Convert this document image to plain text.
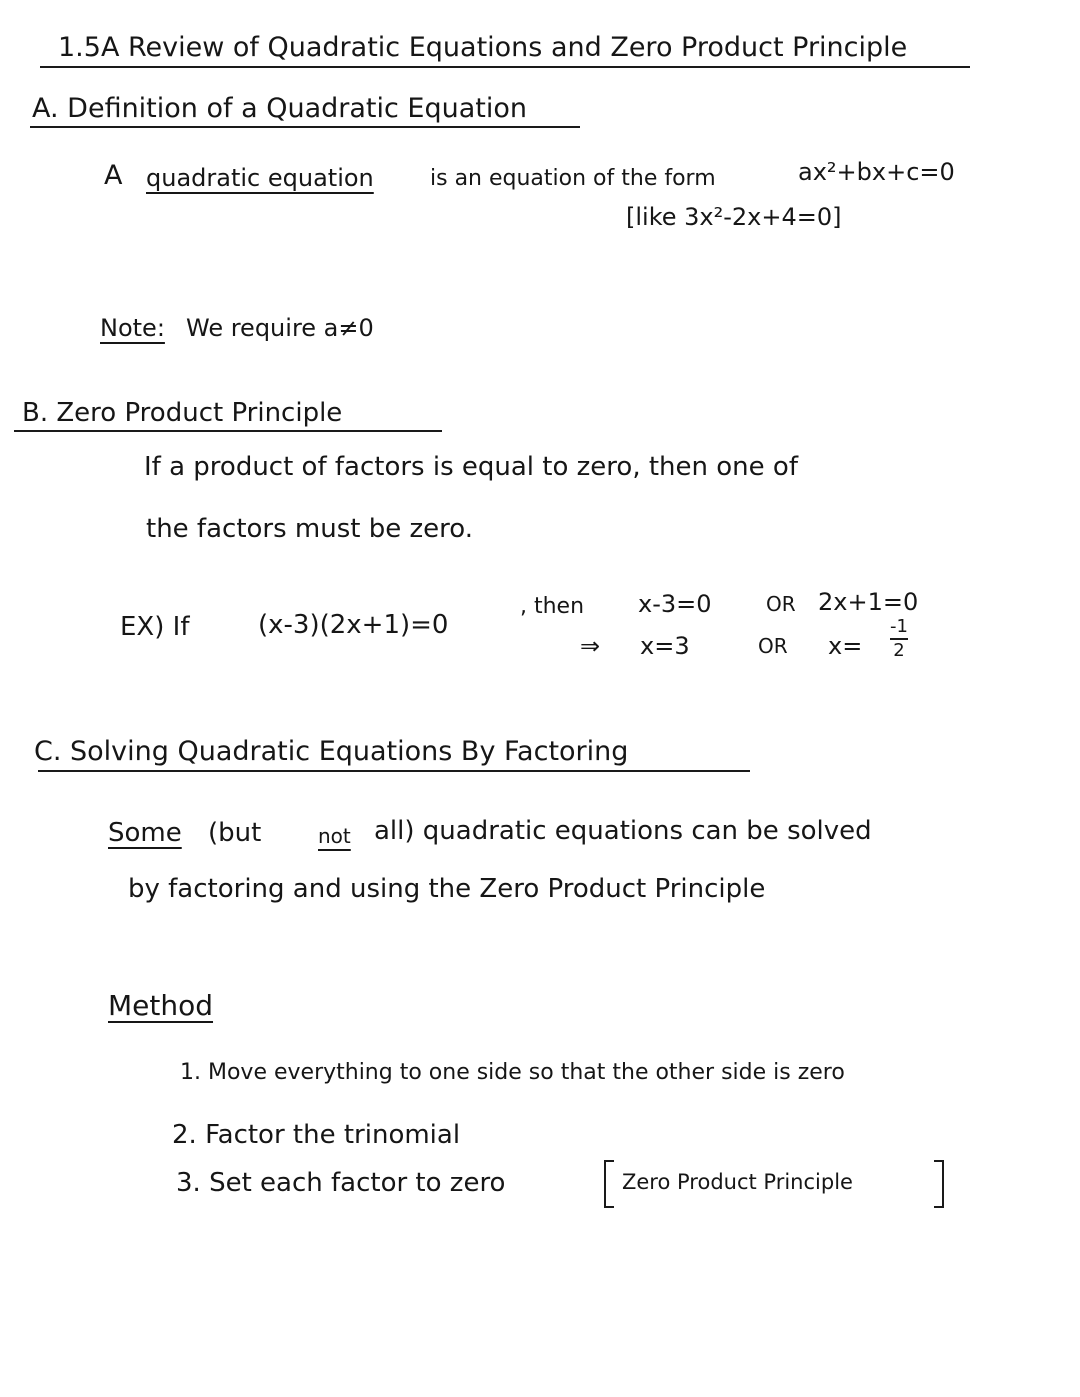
1.5A Review of Quadratic Equations and Zero Product Principle
A. Definition of a Quadratic Equation
A quadratic equation	is an equation of the form	ax²+bx+c=0
[like 3x²-2x+4=0]
Note: We require a≠0
B. Zero Product Principle
If a product of factors is equal to zero, then one of
the factors must be zero.
EX) If	(x-3)(2x+1)=0
, then x-3=0	OR 2x+1=0
⇒ x=3	OR x=
-1
2
C. Solving Quadratic Equations By Factoring
Some (but	not all) quadratic equations can be solved
by factoring and using the Zero Product Principle
Method
1. Move everything to one side so that the other side is zero
2. Factor the trinomial
3. Set each factor to zero	Zero Product Principle
